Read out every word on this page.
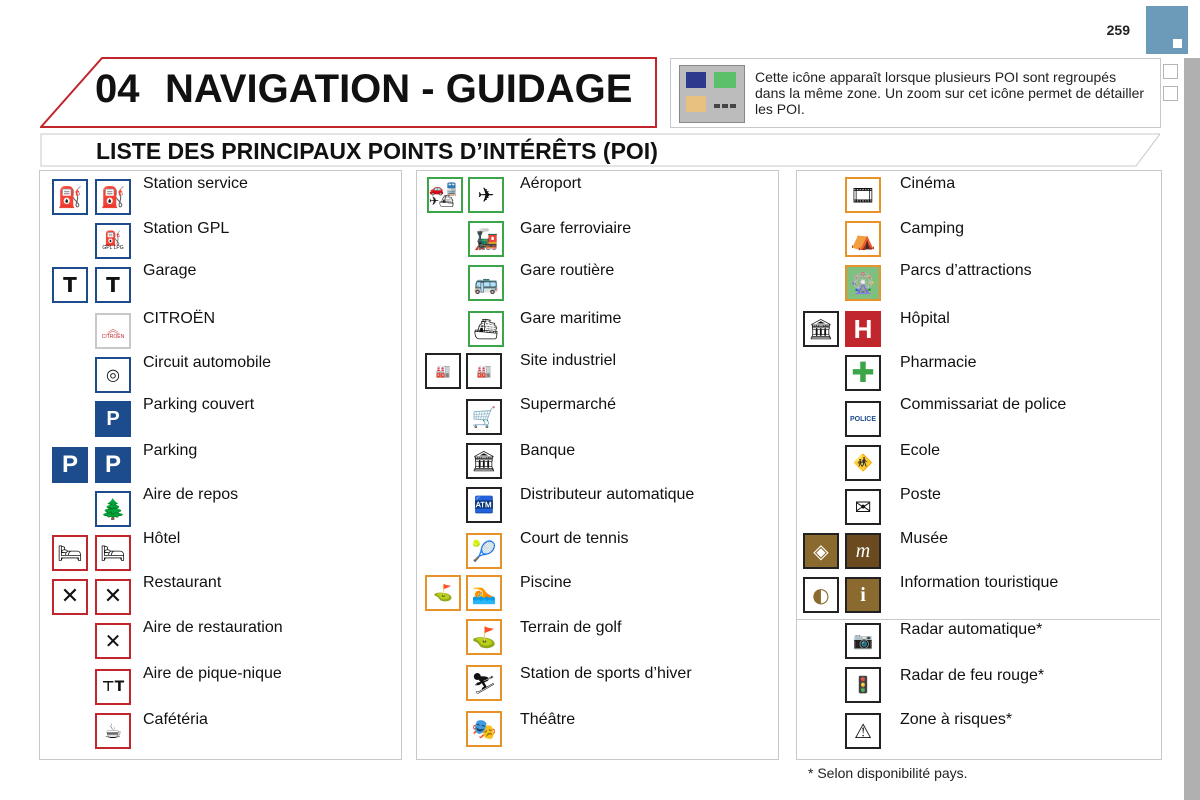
259
04 NAVIGATION - GUIDAGE	Cette icône apparaît lorsque plusieurs POI sont regroupés dans la même zone. Un zoom sur cet icône permet de détailler les POI.
LISTE DES PRINCIPAUX POINTS D’INTÉRÊTS (POI)
⛽ ⛽
Station service
⛽
GPL LPG
Station GPL
T	T
Garage
︽
CITROËN
CITROËN
◎
Circuit automobile
P
Parking couvert
P	P
Parking
🌲
Aire de repos
🛏 🛏
Hôtel
✕	✕
Restaurant
✕
Aire de restauration
⊤T
Aire de pique-nique
☕	Cafétéria
🚗🚆✈⛴	✈	Aéroport
🚂	Gare ferroviaire
🚌
Gare routière
⛴	Gare maritime
🏭	🏭
Site industriel
🛒
Supermarché
🏛	Banque
🏧
Distributeur automatique
🎾
Court de tennis
⛳ 🏊	Piscine
⛳	Terrain de golf
⛷	Station de sports d’hiver
🎭	Théâtre
🎞	Cinéma
⛺	Camping
🎡
Parcs d’attractions
🏛 H	Hôpital
✚	Pharmacie
POLICE
Commissariat de police
🚸
Ecole
✉
Poste
◈	m
Musée
◐	i
Information touristique
📷
Radar automatique*
🚦	Radar de feu rouge*
⚠	Zone à risques*
* Selon disponibilité pays.
